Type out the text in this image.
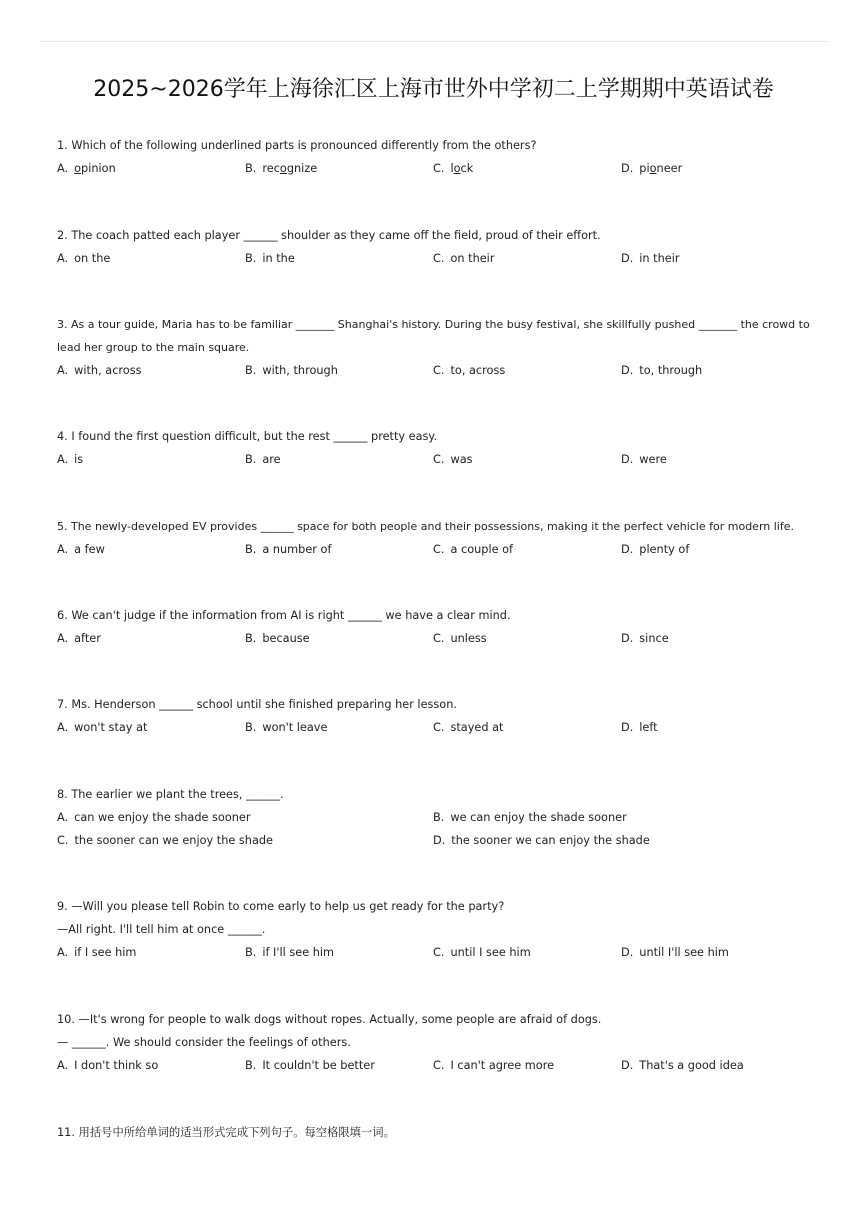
2025~2026学年上海徐汇区上海市世外中学初二上学期期中英语试卷
1. Which of the following underlined parts is pronounced differently from the others?
A. opinion	B. recognize	C. lock	D. pioneer
2. The coach patted each player ______ shoulder as they came off the field, proud of their effort.
A. on the	B. in the	C. on their	D. in their
3. As a tour guide, Maria has to be familiar _______ Shanghai's history. During the busy festival, she skillfully pushed _______ the crowd to
lead her group to the main square.
A. with, across	B. with, through	C. to, across	D. to, through
4. I found the first question difficult, but the rest ______ pretty easy.
A. is	B. are	C. was	D. were
5. The newly-developed EV provides ______ space for both people and their possessions, making it the perfect vehicle for modern life.
A. a few	B. a number of	C. a couple of	D. plenty of
6. We can't judge if the information from AI is right ______ we have a clear mind.
A. after	B. because	C. unless	D. since
7. Ms. Henderson ______ school until she finished preparing her lesson.
A. won't stay at	B. won't leave	C. stayed at	D. left
8. The earlier we plant the trees, ______.
A. can we enjoy the shade sooner	B. we can enjoy the shade sooner
C. the sooner can we enjoy the shade	D. the sooner we can enjoy the shade
9. —Will you please tell Robin to come early to help us get ready for the party?
—All right. I'll tell him at once ______.
A. if I see him	B. if I'll see him	C. until I see him	D. until I'll see him
10. —It's wrong for people to walk dogs without ropes. Actually, some people are afraid of dogs.
— ______. We should consider the feelings of others.
A. I don't think so	B. It couldn't be better	C. I can't agree more	D. That's a good idea
11. 用括号中所给单词的适当形式完成下列句子。每空格限填一词。
